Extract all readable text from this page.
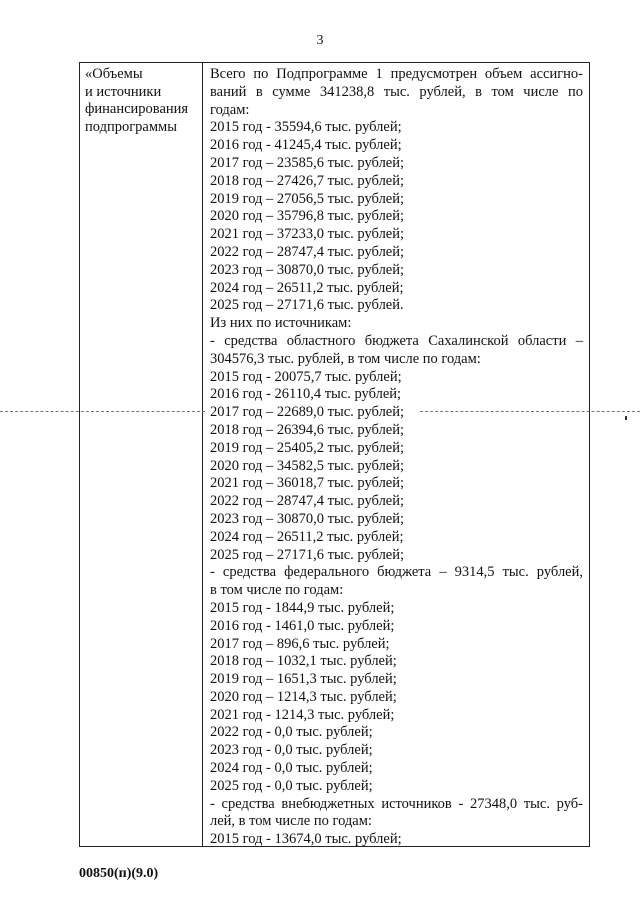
3
«Объемы
и источники
финансирования
подпрограммы
Всего по Подпрограмме 1 предусмотрен объем ассигно-
ваний в сумме 341238,8 тыс. рублей, в том числе по
годам:
2015 год - 35594,6 тыс. рублей;
2016 год - 41245,4 тыс. рублей;
2017 год – 23585,6 тыс. рублей;
2018 год – 27426,7 тыс. рублей;
2019 год – 27056,5 тыс. рублей;
2020 год – 35796,8 тыс. рублей;
2021 год – 37233,0 тыс. рублей;
2022 год – 28747,4 тыс. рублей;
2023 год – 30870,0 тыс. рублей;
2024 год – 26511,2 тыс. рублей;
2025 год – 27171,6 тыс. рублей.
Из них по источникам:
- средства областного бюджета Сахалинской области –
304576,3 тыс. рублей, в том числе по годам:
2015 год - 20075,7 тыс. рублей;
2016 год - 26110,4 тыс. рублей;
2017 год – 22689,0 тыс. рублей;
2018 год – 26394,6 тыс. рублей;
2019 год – 25405,2 тыс. рублей;
2020 год – 34582,5 тыс. рублей;
2021 год – 36018,7 тыс. рублей;
2022 год – 28747,4 тыс. рублей;
2023 год – 30870,0 тыс. рублей;
2024 год – 26511,2 тыс. рублей;
2025 год – 27171,6 тыс. рублей;
- средства федерального бюджета – 9314,5 тыс. рублей,
в том числе по годам:
2015 год - 1844,9 тыс. рублей;
2016 год - 1461,0 тыс. рублей;
2017 год – 896,6 тыс. рублей;
2018 год – 1032,1 тыс. рублей;
2019 год – 1651,3 тыс. рублей;
2020 год – 1214,3 тыс. рублей;
2021 год - 1214,3 тыс. рублей;
2022 год - 0,0 тыс. рублей;
2023 год - 0,0 тыс. рублей;
2024 год - 0,0 тыс. рублей;
2025 год - 0,0 тыс. рублей;
- средства внебюджетных источников - 27348,0 тыс. руб-
лей, в том числе по годам:
2015 год - 13674,0 тыс. рублей;
00850(п)(9.0)
